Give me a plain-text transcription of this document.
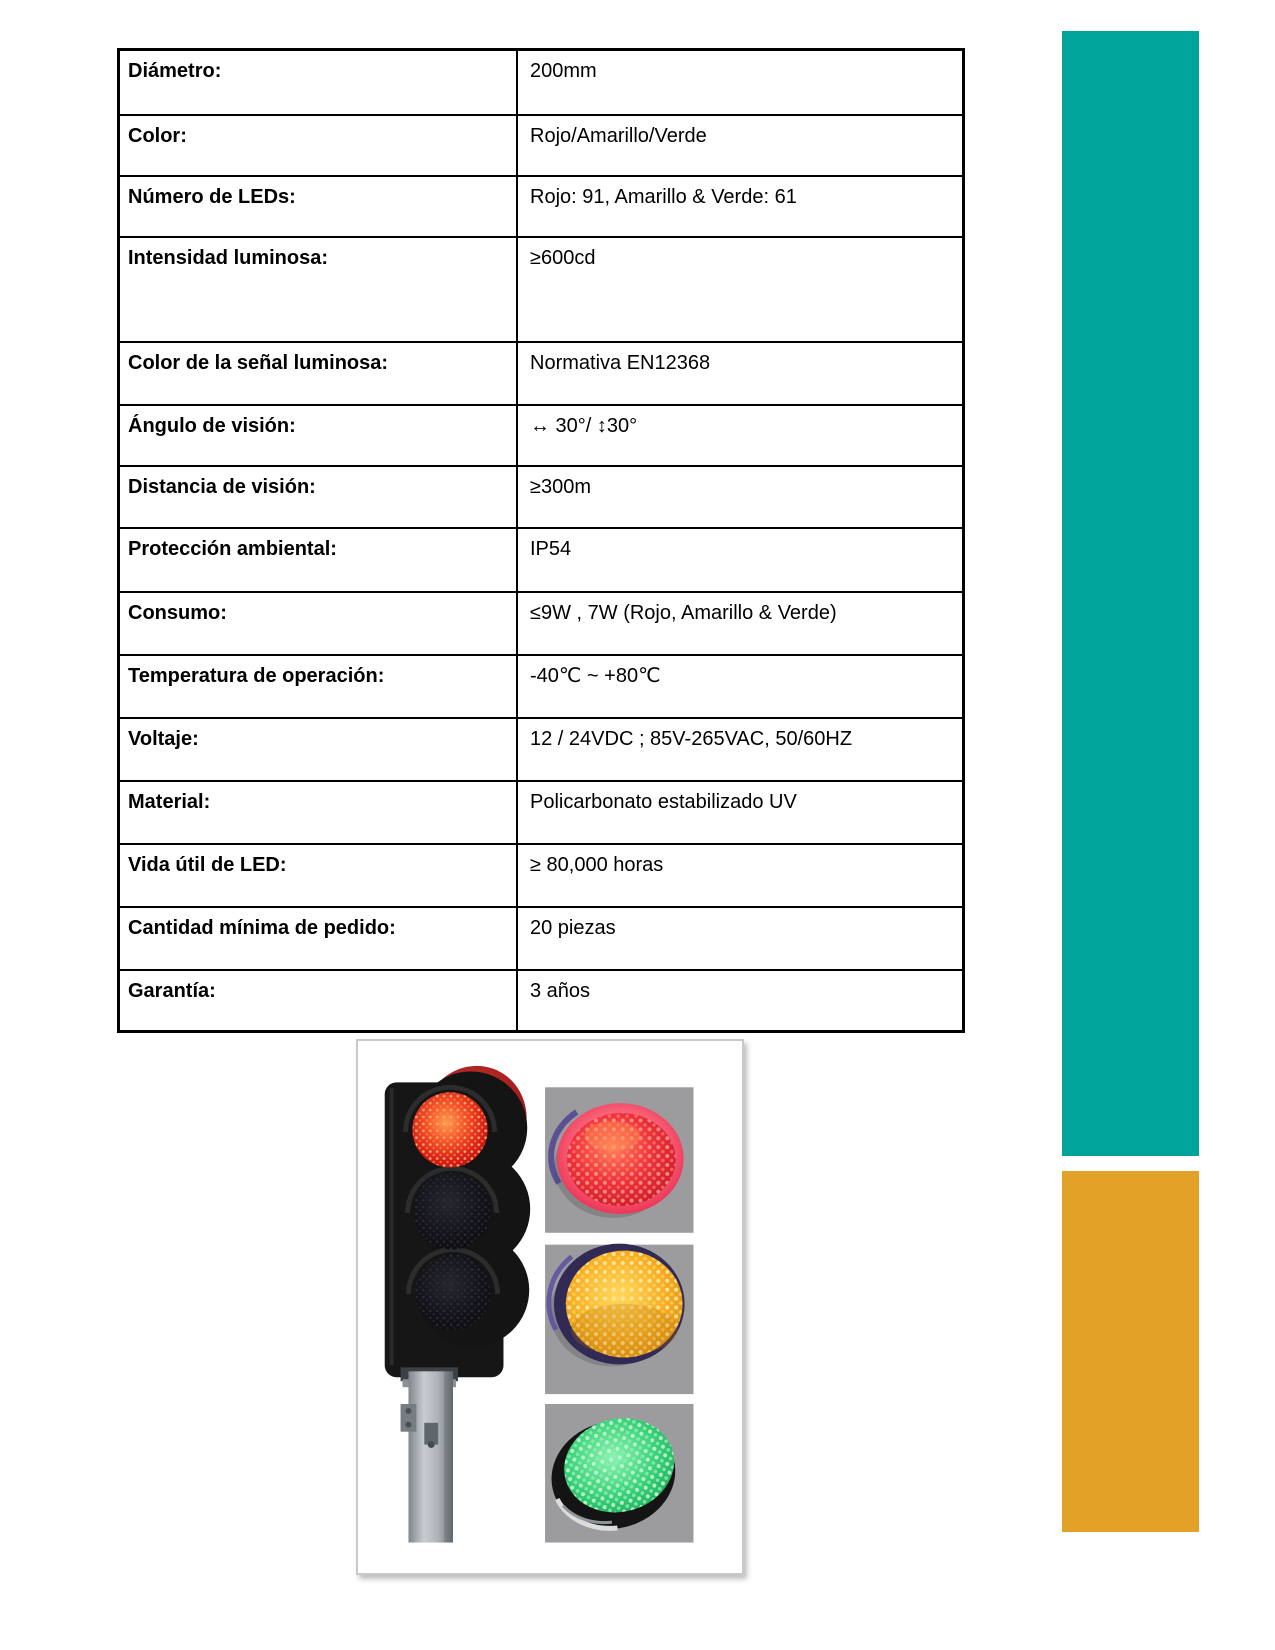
Diámetro:	200mm
Color:	Rojo/Amarillo/Verde
Número de LEDs:	Rojo: 91, Amarillo & Verde: 61
Intensidad luminosa:	≥600cd
Color de la señal luminosa:	Normativa EN12368
Ángulo de visión:	↔ 30°/ ↕30°
Distancia de visión:	≥300m
Protección ambiental:	IP54
Consumo:	≤9W , 7W (Rojo, Amarillo & Verde)
Temperatura de operación:	-40℃ ~ +80℃
Voltaje:	12 / 24VDC ; 85V-265VAC, 50/60HZ
Material:	Policarbonato estabilizado UV
Vida útil de LED:	≥ 80,000 horas
Cantidad mínima de pedido:	20 piezas
Garantía:	3 años
